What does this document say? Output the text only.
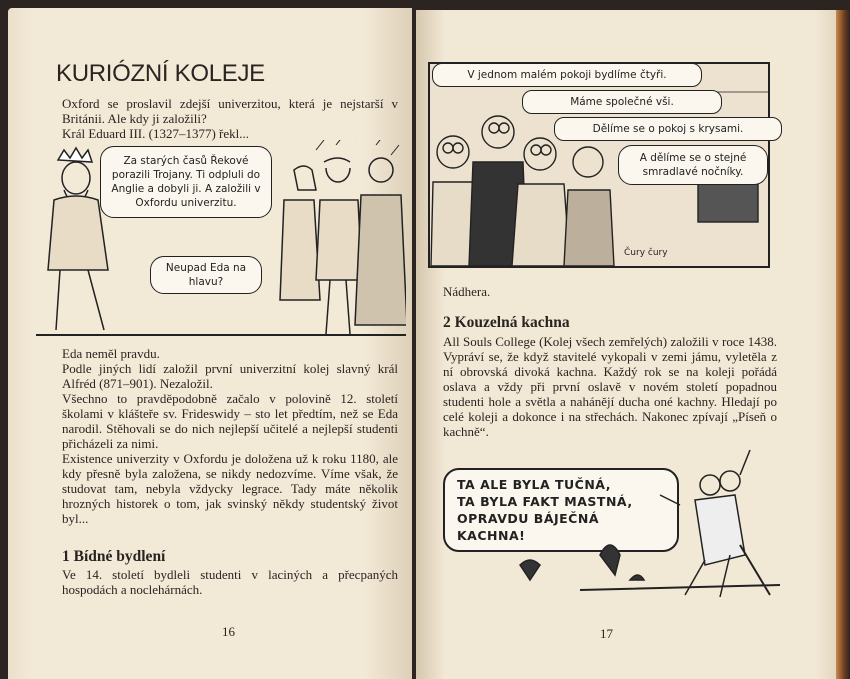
KURIÓZNÍ KOLEJE

Oxford se proslavil zdejší univerzitou, která je nejstarší v Británii. Ale kdy ji založili?

Král Eduard III. (1327–1377) řekl...

Za starých časů Řekové porazili Trojany. Ti odpluli do Anglie a dobyli ji. A založili v Oxfordu univerzitu.
Neupad Eda na hlavu?

Eda neměl pravdu.

Podle jiných lidí založil první univerzitní kolej slavný král Alfréd (871–901). Nezaložil.

Všechno to pravděpodobně začalo v polovině 12. století školami v klášteře sv. Frideswidy – sto let předtím, než se Eda narodil. Stěhovali se do nich nejlepší učitelé a nejlepší studenti přicházeli za nimi.

Existence univerzity v Oxfordu je doložena už k roku 1180, ale kdy přesně byla založena, se nikdy nedozvíme. Víme však, že studovat tam, nebyla vždycky legrace. Tady máte několik hrozných historek o tom, jak svinský někdy studentský život byl...

1 Bídné bydlení
Ve 14. století bydleli studenti v laciných a přecpaných hospodách a noclehárnách.
16
V jednom malém pokoji bydlíme čtyři.
Máme společné vši.
Dělíme se o pokoj s krysami.
A dělíme se o stejné smradlavé nočníky.
Čury čury
Nádhera.
2 Kouzelná kachna
All Souls College (Kolej všech zemřelých) založili v roce 1438. Vypráví se, že když stavitelé vykopali v zemi jámu, vyletěla z ní obrovská divoká kachna. Každý rok se na koleji pořádá oslava a vždy při první oslavě v novém století popadnou studenti hole a světla a nahánějí ducha oné kachny. Hledají po celé koleji a dokonce i na střechách. Nakonec zpívají „Píseň o kachně“.
TA ALE BYLA TUČNÁ,
TA BYLA FAKT MASTNÁ,
OPRAVDU BÁJEČNÁ KACHNA!
17
